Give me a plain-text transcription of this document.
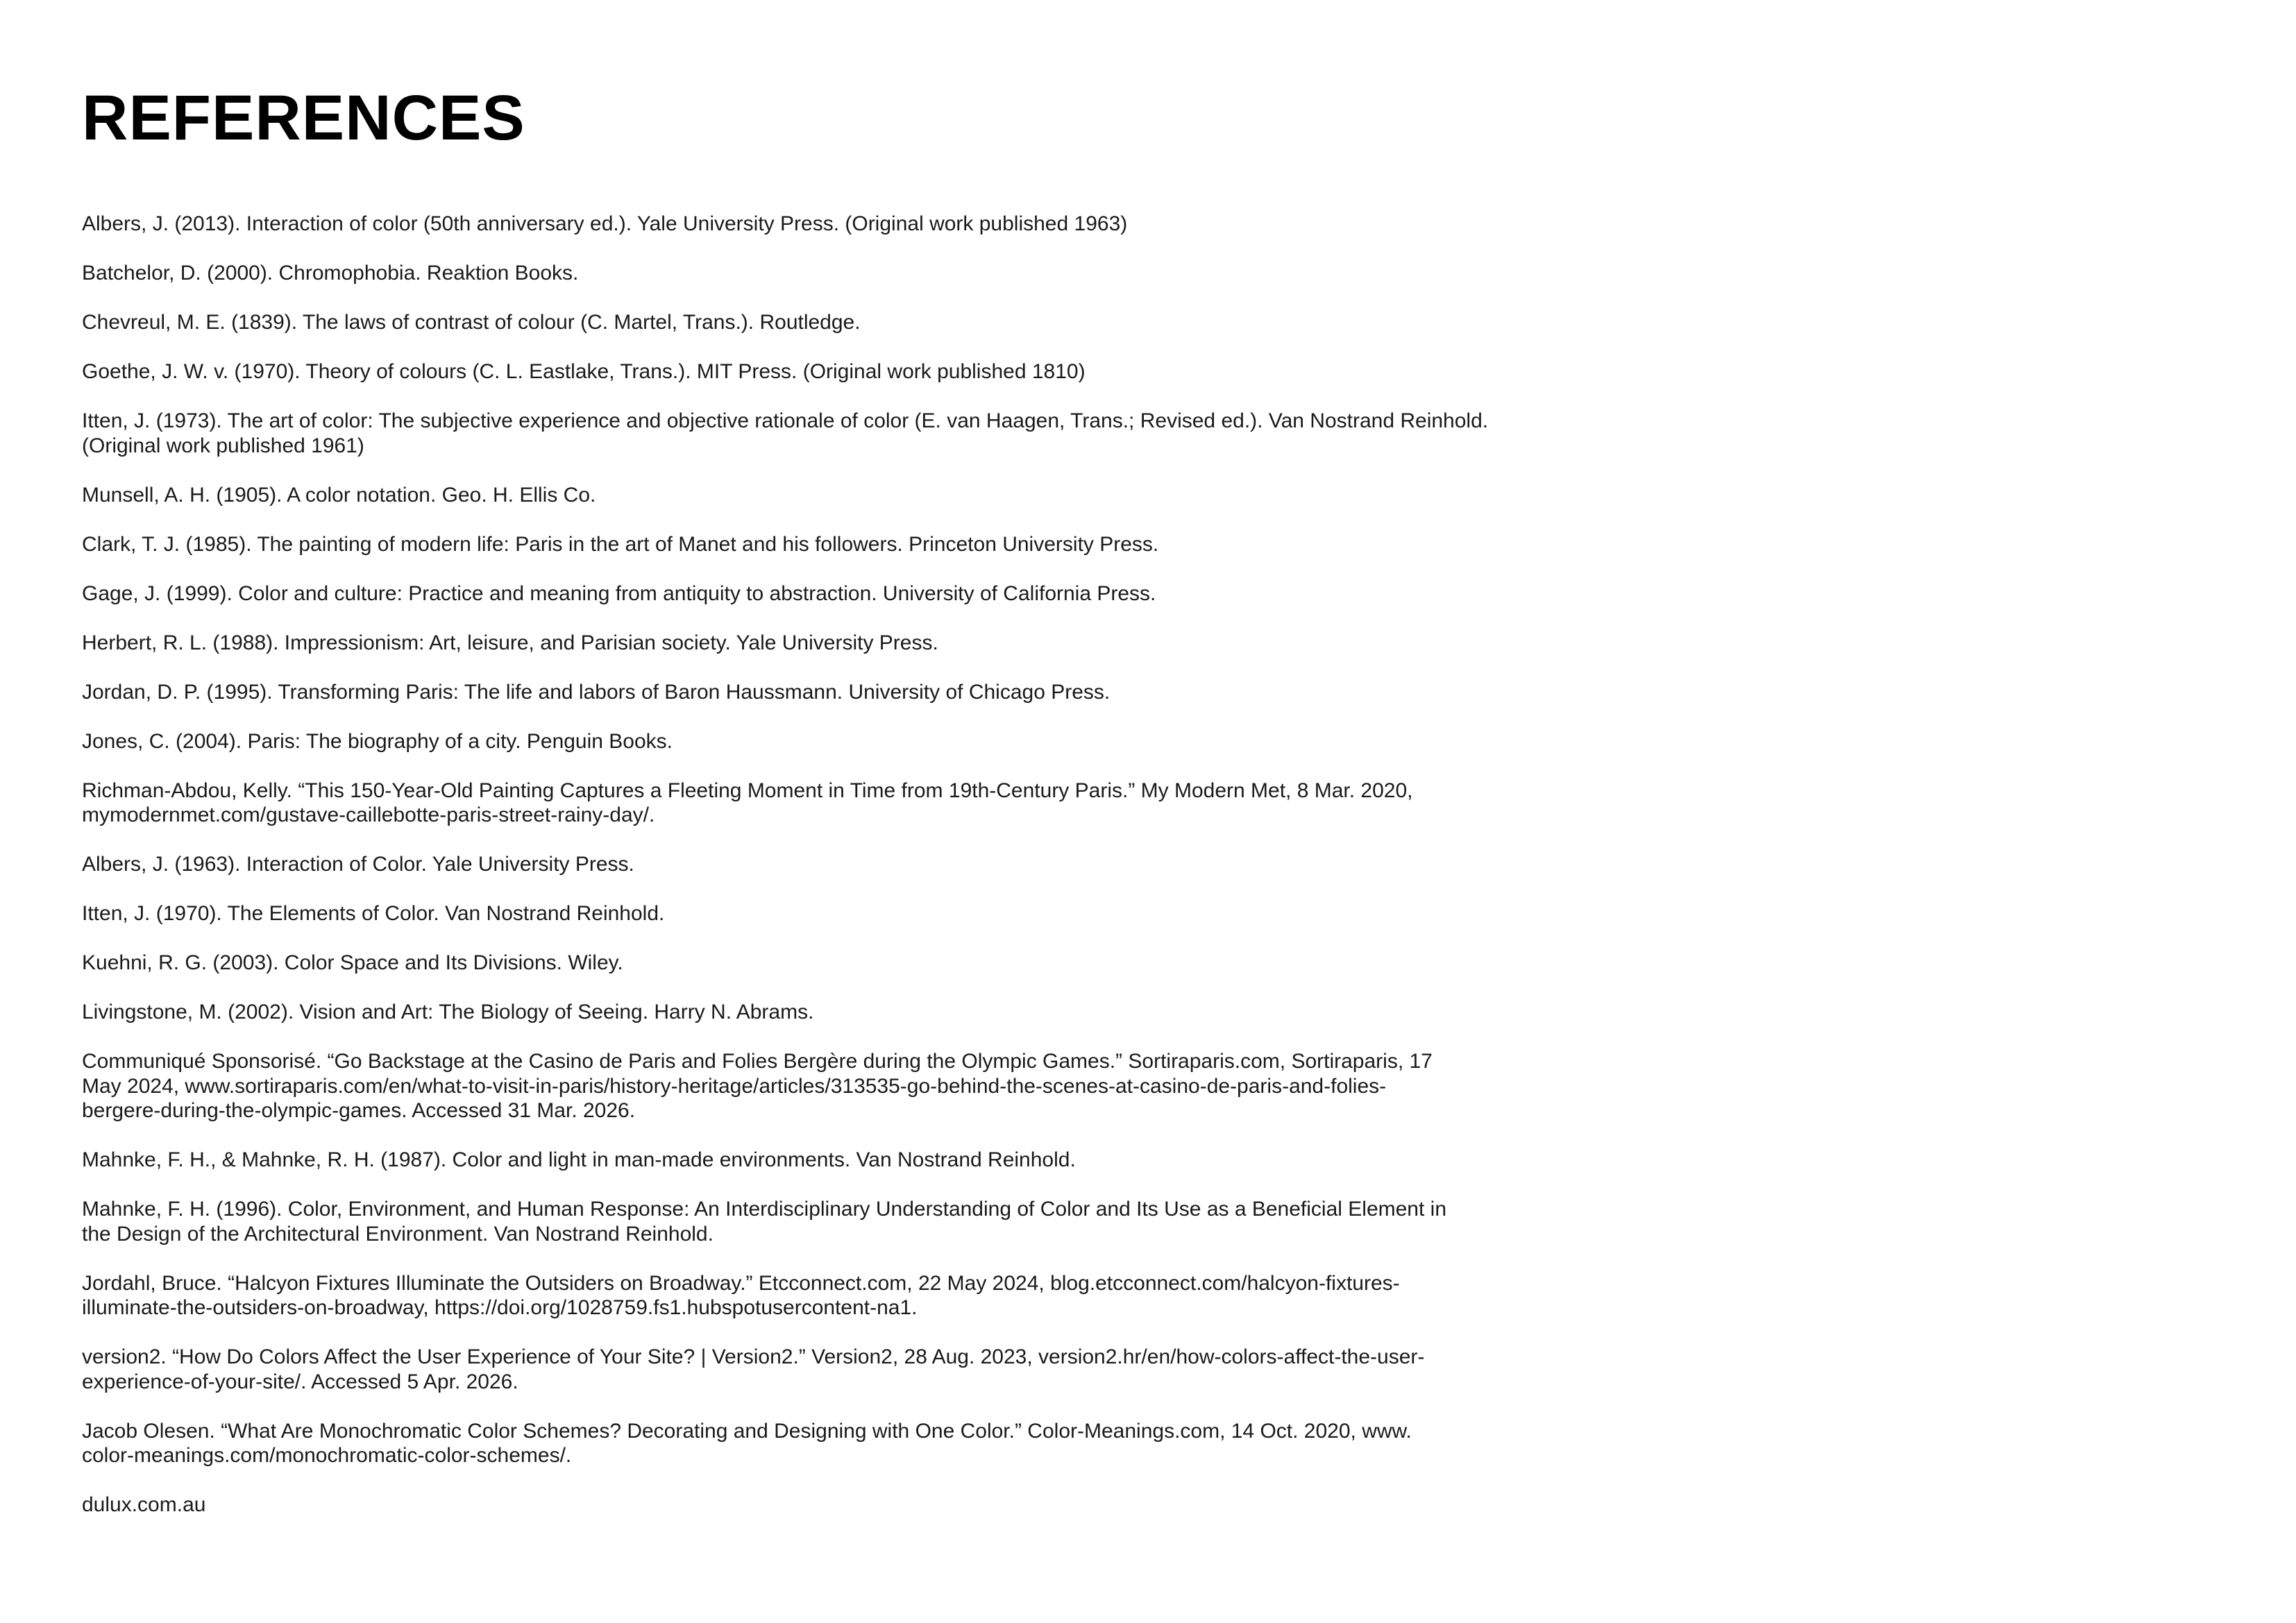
REFERENCES
Albers, J. (2013). Interaction of color (50th anniversary ed.). Yale University Press. (Original work published 1963)
Batchelor, D. (2000). Chromophobia. Reaktion Books.
Chevreul, M. E. (1839). The laws of contrast of colour (C. Martel, Trans.). Routledge.
Goethe, J. W. v. (1970). Theory of colours (C. L. Eastlake, Trans.). MIT Press. (Original work published 1810)
Itten, J. (1973). The art of color: The subjective experience and objective rationale of color (E. van Haagen, Trans.; Revised ed.). Van Nostrand Reinhold.
(Original work published 1961)
Munsell, A. H. (1905). A color notation. Geo. H. Ellis Co.
Clark, T. J. (1985). The painting of modern life: Paris in the art of Manet and his followers. Princeton University Press.
Gage, J. (1999). Color and culture: Practice and meaning from antiquity to abstraction. University of California Press.
Herbert, R. L. (1988). Impressionism: Art, leisure, and Parisian society. Yale University Press.
Jordan, D. P. (1995). Transforming Paris: The life and labors of Baron Haussmann. University of Chicago Press.
Jones, C. (2004). Paris: The biography of a city. Penguin Books.
Richman-Abdou, Kelly. “This 150-Year-Old Painting Captures a Fleeting Moment in Time from 19th-Century Paris.” My Modern Met, 8 Mar. 2020,
mymodernmet.com/gustave-caillebotte-paris-street-rainy-day/.
Albers, J. (1963). Interaction of Color. Yale University Press.
Itten, J. (1970). The Elements of Color. Van Nostrand Reinhold.
Kuehni, R. G. (2003). Color Space and Its Divisions. Wiley.
Livingstone, M. (2002). Vision and Art: The Biology of Seeing. Harry N. Abrams.
Communiqué Sponsorisé. “Go Backstage at the Casino de Paris and Folies Bergère during the Olympic Games.” Sortiraparis.com, Sortiraparis, 17
May 2024, www.sortiraparis.com/en/what-to-visit-in-paris/history-heritage/articles/313535-go-behind-the-scenes-at-casino-de-paris-and-folies-
bergere-during-the-olympic-games. Accessed 31 Mar. 2026.
Mahnke, F. H., & Mahnke, R. H. (1987). Color and light in man-made environments. Van Nostrand Reinhold.
Mahnke, F. H. (1996). Color, Environment, and Human Response: An Interdisciplinary Understanding of Color and Its Use as a Beneficial Element in
the Design of the Architectural Environment. Van Nostrand Reinhold.
Jordahl, Bruce. “Halcyon Fixtures Illuminate the Outsiders on Broadway.” Etcconnect.com, 22 May 2024, blog.etcconnect.com/halcyon-fixtures-
illuminate-the-outsiders-on-broadway, https://doi.org/1028759.fs1.hubspotusercontent-na1.
version2. “How Do Colors Affect the User Experience of Your Site? | Version2.” Version2, 28 Aug. 2023, version2.hr/en/how-colors-affect-the-user-
experience-of-your-site/. Accessed 5 Apr. 2026.
Jacob Olesen. “What Are Monochromatic Color Schemes? Decorating and Designing with One Color.” Color-Meanings.com, 14 Oct. 2020, www.
color-meanings.com/monochromatic-color-schemes/.
dulux.com.au
